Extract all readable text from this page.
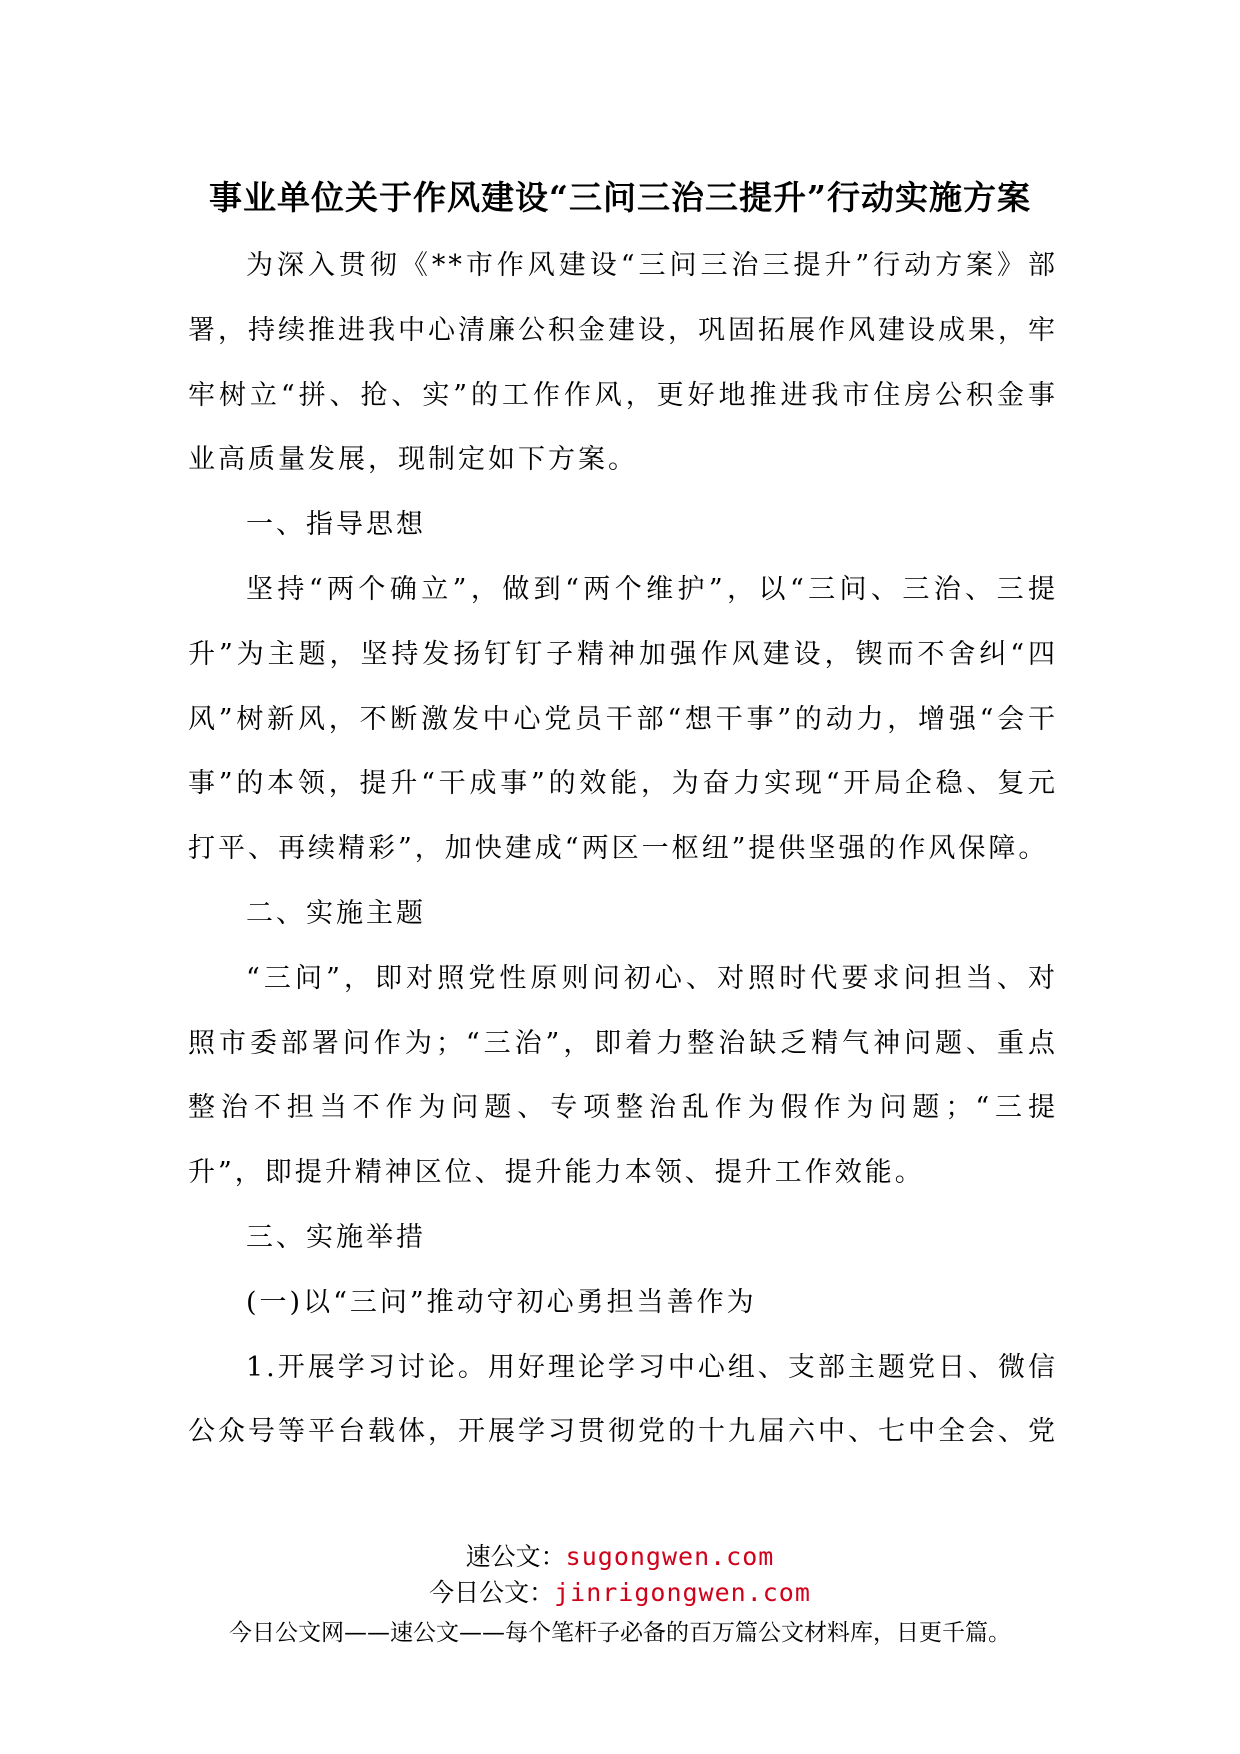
事业单位关于作风建设“三问三治三提升”行动实施方案

为深入贯彻《**市作风建设“三问三治三提升”行动方案》部署，持续推进我中心清廉公积金建设，巩固拓展作风建设成果，牢牢树立“拼、抢、实”的工作作风，更好地推进我市住房公积金事业高质量发展，现制定如下方案。

一、指导思想

坚持“两个确立”，做到“两个维护”，以“三问、三治、三提升”为主题，坚持发扬钉钉子精神加强作风建设，锲而不舍纠“四风”树新风，不断激发中心党员干部“想干事”的动力，增强“会干事”的本领，提升“干成事”的效能，为奋力实现“开局企稳、复元打平、再续精彩”，加快建成“两区一枢纽”提供坚强的作风保障。

二、实施主题

“三问”，即对照党性原则问初心、对照时代要求问担当、对照市委部署问作为；“三治”，即着力整治缺乏精气神问题、重点整治不担当不作为问题、专项整治乱作为假作为问题；“三提升”，即提升精神区位、提升能力本领、提升工作效能。

三、实施举措

(一)以“三问”推动守初心勇担当善作为

1.开展学习讨论。用好理论学习中心组、支部主题党日、微信公众号等平台载体，开展学习贯彻党的十九届六中、七中全会、党

速公文：sugongwen.com

今日公文：jinrigongwen.com

今日公文网——速公文——每个笔杆子必备的百万篇公文材料库，日更千篇。
